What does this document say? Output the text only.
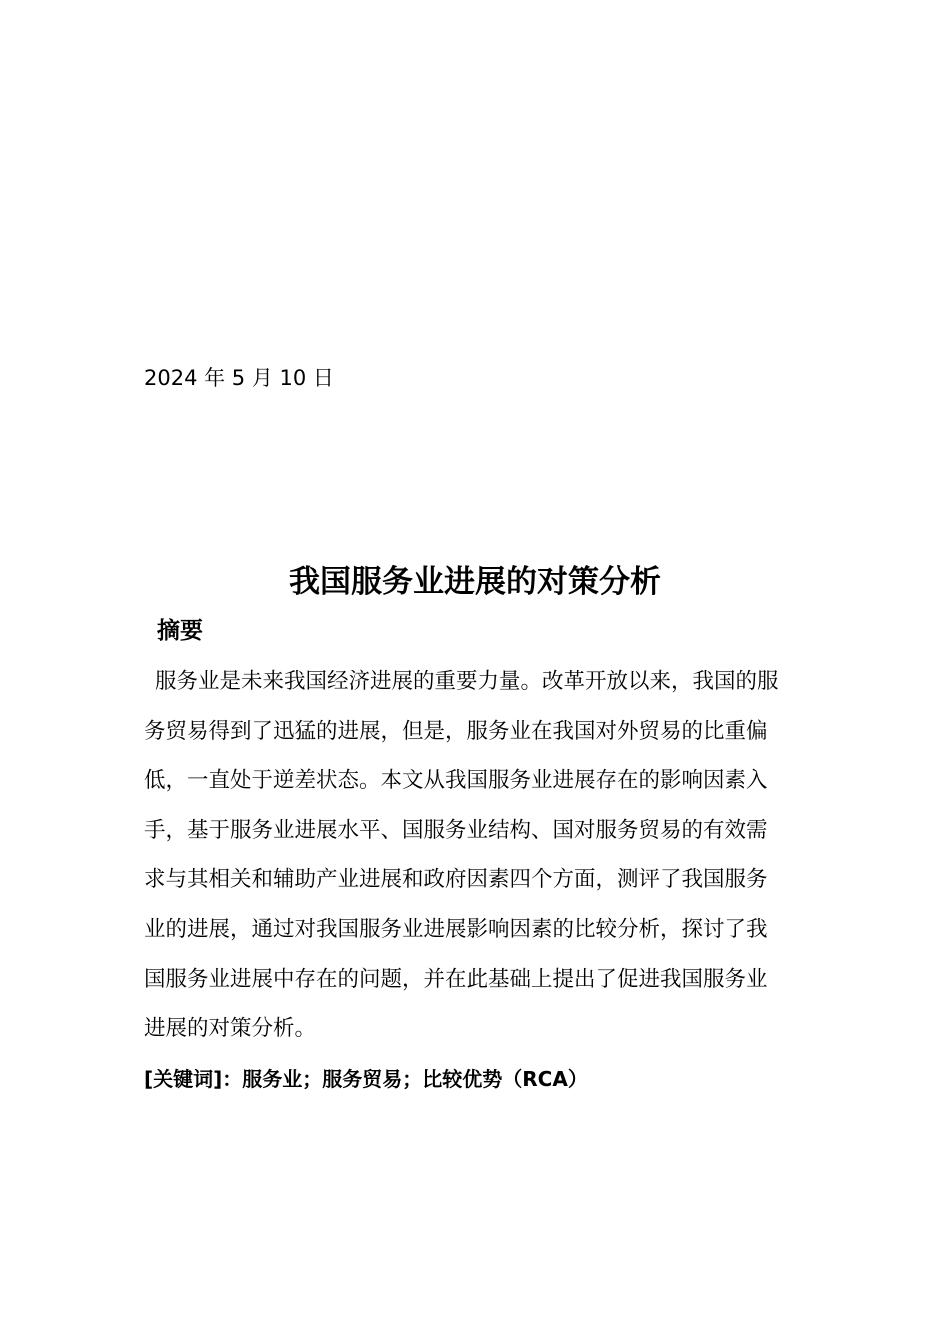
2024 年 5 月 10 日
我国服务业进展的对策分析
摘要
服务业是未来我国经济进展的重要力量。改革开放以来，我国的服
务贸易得到了迅猛的进展，但是，服务业在我国对外贸易的比重偏
低，一直处于逆差状态。本文从我国服务业进展存在的影响因素入
手，基于服务业进展水平、国服务业结构、国对服务贸易的有效需
求与其相关和辅助产业进展和政府因素四个方面，测评了我国服务
业的进展，通过对我国服务业进展影响因素的比较分析，探讨了我
国服务业进展中存在的问题，并在此基础上提出了促进我国服务业
进展的对策分析。
[关键词]：服务业；服务贸易；比较优势（RCA）
